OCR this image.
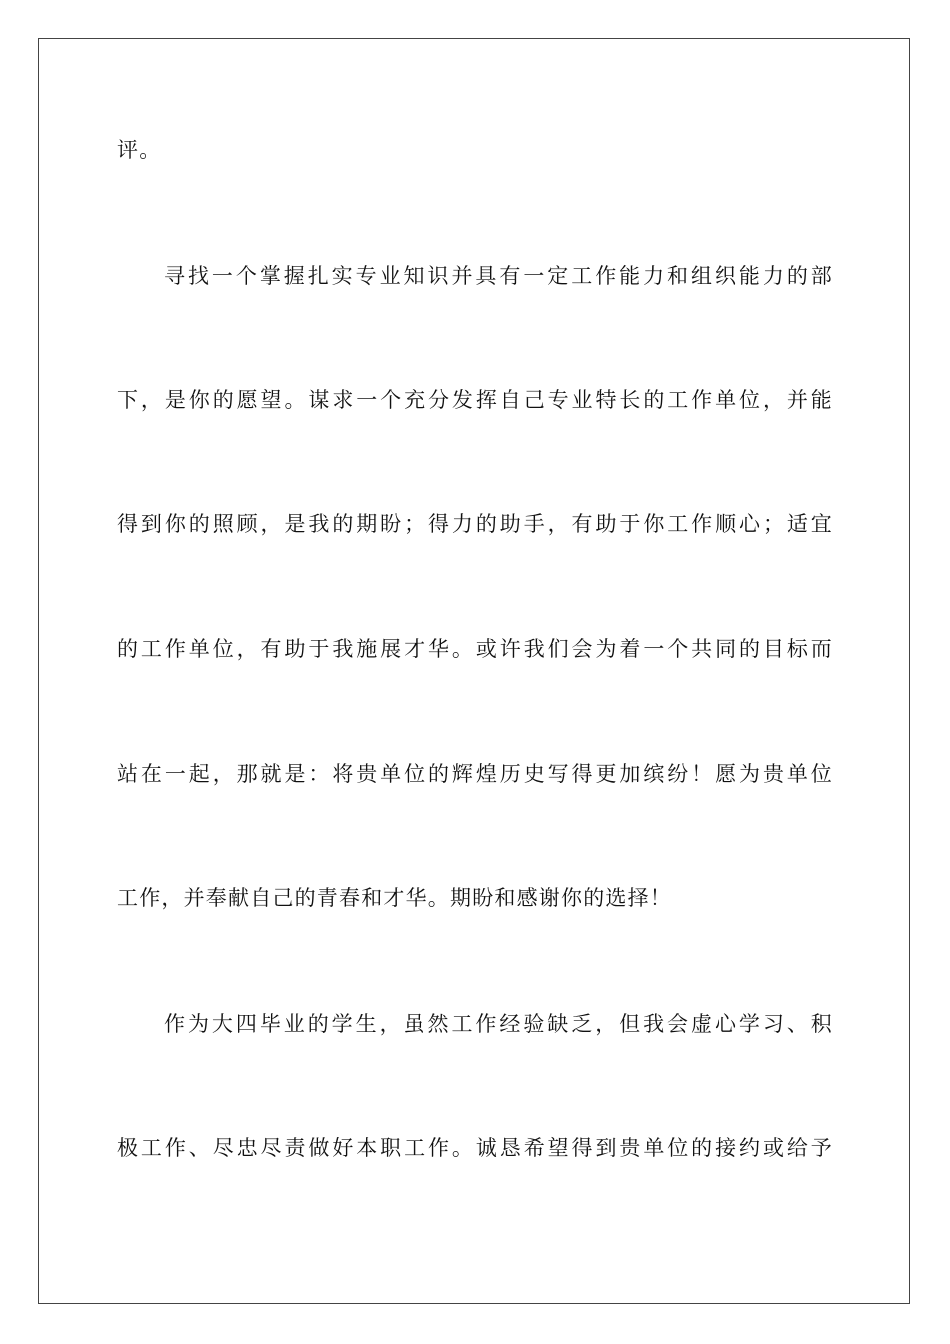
评。
寻找一个掌握扎实专业知识并具有一定工作能力和组织能力的部
下，是你的愿望。谋求一个充分发挥自己专业特长的工作单位，并能
得到你的照顾，是我的期盼；得力的助手，有助于你工作顺心；适宜
的工作单位，有助于我施展才华。或许我们会为着一个共同的目标而
站在一起，那就是：将贵单位的辉煌历史写得更加缤纷！愿为贵单位
工作，并奉献自己的青春和才华。期盼和感谢你的选择！
作为大四毕业的学生，虽然工作经验缺乏，但我会虚心学习、积
极工作、尽忠尽责做好本职工作。诚恳希望得到贵单位的接约或给予
